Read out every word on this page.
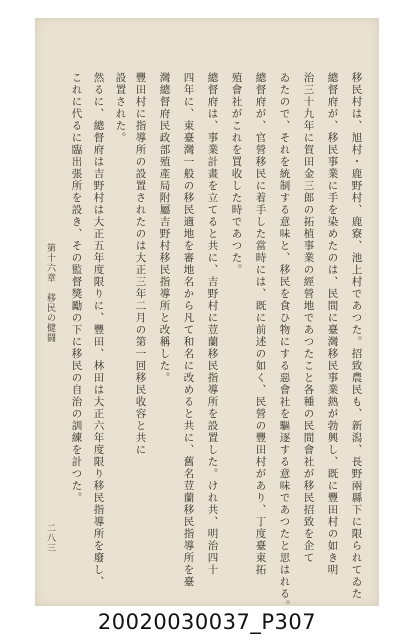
移民村は、旭村・鹿野村、鹿寮、池上村であつた。招致農民も、新潟、長野兩縣下に限られてゐた
總督府が、移民事業に手を染めたのは、民間に臺灣移民事業熱が勃興し、既に豐田村の如き明
治三十九年に賀田金三郎の拓植事業の經營地であつたこと各種の民間會社が移民招致を企て
ゐたので、それを統制する意味と、移民を食ひ物にする惡會社を驅逐する意味であつたと思はれる。
總督府が、官營移民に着手した當時には、既に前述の如く、民營の豐田村があり、丁度臺東拓
殖會社がこれを買收した時であつた。
總督府は、事業計畫を立てると共に、吉野村に荳蘭移民指導所を設置した。けれ共、明治四十
四年に、東臺灣一般の移民適地を審地名から凡て和名に改めると共に、舊名荳蘭移民指導所を臺
灣總督府民政部殖產局附屬吉野村移民指導所と改稱した。
豐田村に指導所の設置されたのは大正三年二月の第一回移民收容と共に
設置された。
然るに、總督府は吉野村は大正五年度限りに、豐田、林田は大正六年度限り移民指導所を廢し、
これに代るに臨出張所を設き、その監督獎勵の下に移民の自治の訓練を計つた。
第十六章　移民の健闘
二八三
20020030037_P307
